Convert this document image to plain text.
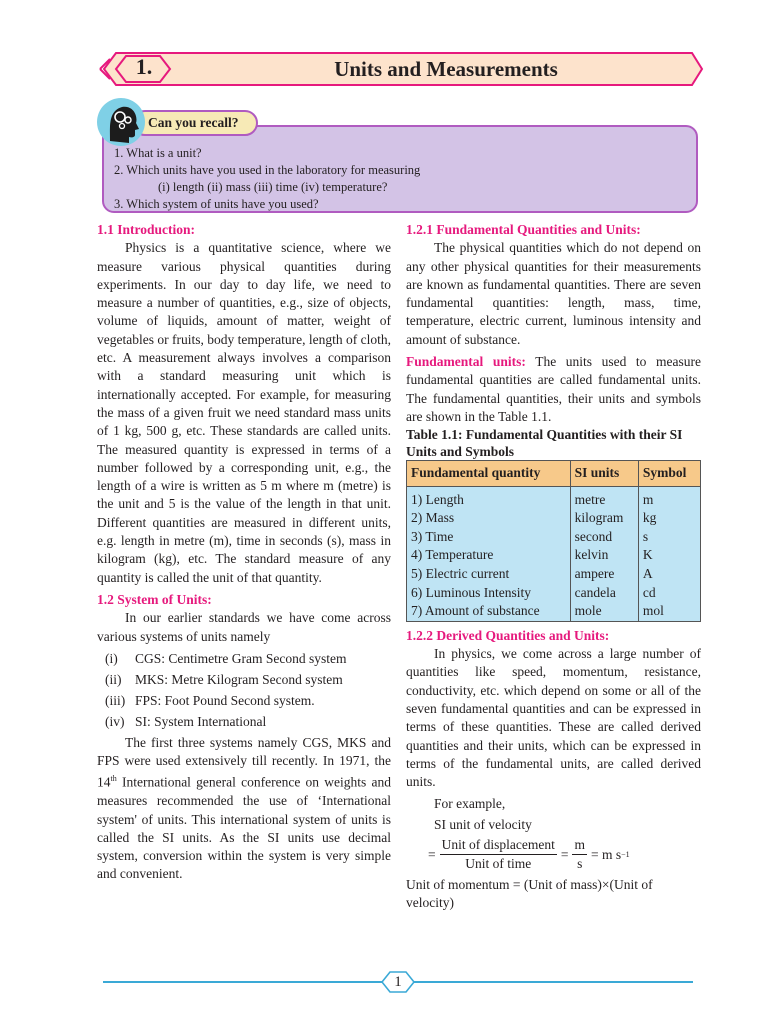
1.	Units and Measurements
1. What is a unit?
2. Which units have you used in the laboratory for measuring
(i) length (ii) mass (iii) time (iv) temperature?
3. Which system of units have you used?
Can you recall?

1.1 Introduction:

Physics is a quantitative science, where we measure various physical quantities during experiments. In our day to day life, we need to measure a number of quantities, e.g., size of objects, volume of liquids, amount of matter, weight of vegetables or fruits, body temperature, length of cloth, etc. A measurement always involves a comparison with a standard measuring unit which is internationally accepted. For example, for measuring the mass of a given fruit we need standard mass units of 1 kg, 500 g, etc. These standards are called units. The measured quantity is expressed in terms of a number followed by a corresponding unit, e.g., the length of a wire is written as 5 m where m (metre) is the unit and 5 is the value of the length in that unit. Different quantities are measured in different units, e.g. length in metre (m), time in seconds (s), mass in kilogram (kg), etc. The standard measure of any quantity is called the unit of that quantity.

1.2 System of Units:

In our earlier standards we have come across various systems of units namely

(i)	CGS: Centimetre Gram Second system
(ii)	MKS: Metre Kilogram Second system
(iii) FPS: Foot Pound Second system.
(iv) SI: System International

The first three systems namely CGS, MKS and FPS were used extensively till recently. In 1971, the 14th International general conference on weights and measures recommended the use of ‘International system' of units. This international system of units is called the SI units. As the SI units use decimal system, conversion within the system is very simple and convenient.

1.2.1 Fundamental Quantities and Units:

The physical quantities which do not depend on any other physical quantities for their measurements are known as fundamental quantities. There are seven fundamental quantities: length, mass, time, temperature, electric current, luminous intensity and amount of substance.

Fundamental units: The units used to measure fundamental quantities are called fundamental units. The fundamental quantities, their units and symbols are shown in the Table 1.1.

Table 1.1: Fundamental Quantities with their SI Units and Symbols

Fundamental quantity	SI units	Symbol
1) Length	metre	m
2) Mass	kilogram	kg
3) Time	second	s
4) Temperature	kelvin	K
5) Electric current	ampere	A
6) Luminous Intensity	candela	cd
7) Amount of substance	mole	mol

1.2.2 Derived Quantities and Units:

In physics, we come across a large number of quantities like speed, momentum, resistance, conductivity, etc. which depend on some or all of the seven fundamental quantities and can be expressed in terms of these quantities. These are called derived quantities and their units, which can be expressed in terms of the fundamental units, are called derived units.

For example,

SI unit of velocity

= $\frac{\text{Unit of displacement}}{\text{Unit of time}} = \frac{m}{s} = m$ s −1

Unit of momentum = (Unit of mass)×(Unit of velocity)

1
